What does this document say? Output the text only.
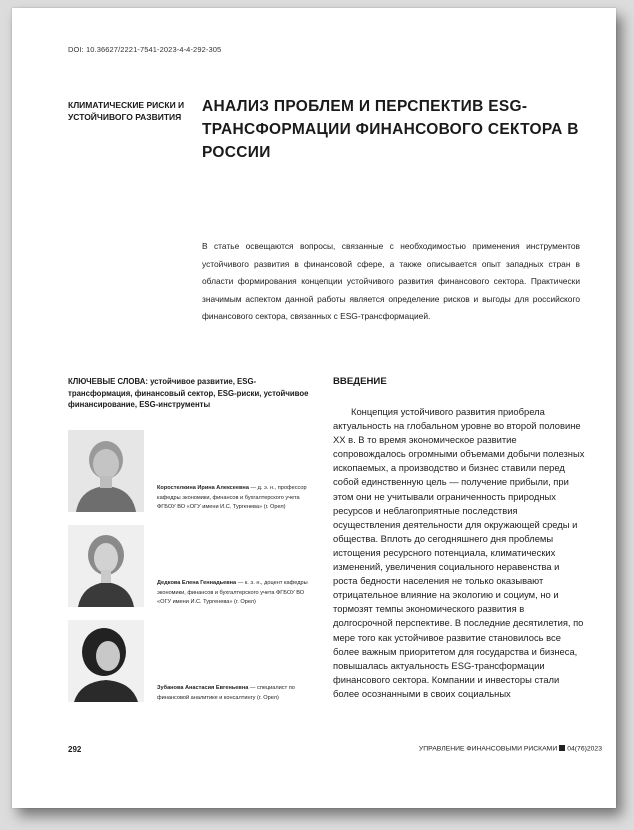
DOI: 10.36627/2221-7541-2023-4-4-292-305
КЛИМАТИЧЕСКИЕ РИСКИ И УСТОЙЧИВОГО РАЗВИТИЯ
АНАЛИЗ ПРОБЛЕМ И ПЕРСПЕКТИВ ESG-ТРАНСФОРМАЦИИ ФИНАНСОВОГО СЕКТОРА В РОССИИ
В статье освещаются вопросы, связанные с необходимостью применения инструментов устойчивого развития в финансовой сфере, а также описывается опыт западных стран в области формирования концепции устойчивого развития финансового сектора. Практически значимым аспектом данной работы является определение рисков и выгоды для российского финансового сектора, связанных с ESG-трансформацией.
КЛЮЧЕВЫЕ СЛОВА: устойчивое развитие, ESG-трансформация, финансовый сектор, ESG-риски, устойчивое финансирование, ESG-инструменты
Коростелкина Ирина Алексеевна — д. э. н., профессор кафедры экономики, финансов и бухгалтерского учета ФГБОУ ВО «ОГУ имени И.С. Тургенева» (г. Орел)
Дедкова Елена Геннадьевна — к. э. н., доцент кафедры экономики, финансов и бухгалтерского учета ФГБОУ ВО «ОГУ имени И.С. Тургенева» (г. Орел)
Зубанова Анастасия Евгеньевна — специалист по финансовой аналитике и консалтингу (г. Орел)
ВВЕДЕНИЕ

Концепция устойчивого развития приобрела актуальность на глобальном уровне во второй половине XX в. В то время экономическое развитие сопровождалось огромными объемами добычи полезных ископаемых, а производство и бизнес ставили перед собой единственную цель — получение прибыли, при этом они не учитывали ограниченность природных ресурсов и неблагоприятные последствия осуществления деятельности для окружающей среды и общества. Вплоть до сегодняшнего дня проблемы истощения ресурсного потенциала, климатических изменений, увеличения социального неравенства и роста бедности населения не только оказывают отрицательное влияние на экологию и социум, но и тормозят темпы экономического развития в долгосрочной перспективе. В последние десятилетия, по мере того как устойчивое развитие становилось все более важным приоритетом для государства и бизнеса, повышалась актуальность ESG-трансформации финансового сектора. Компании и инвесторы стали более осознанными в своих социальных

292	УПРАВЛЕНИЕ ФИНАНСОВЫМИ РИСКАМИ 04(76)2023
